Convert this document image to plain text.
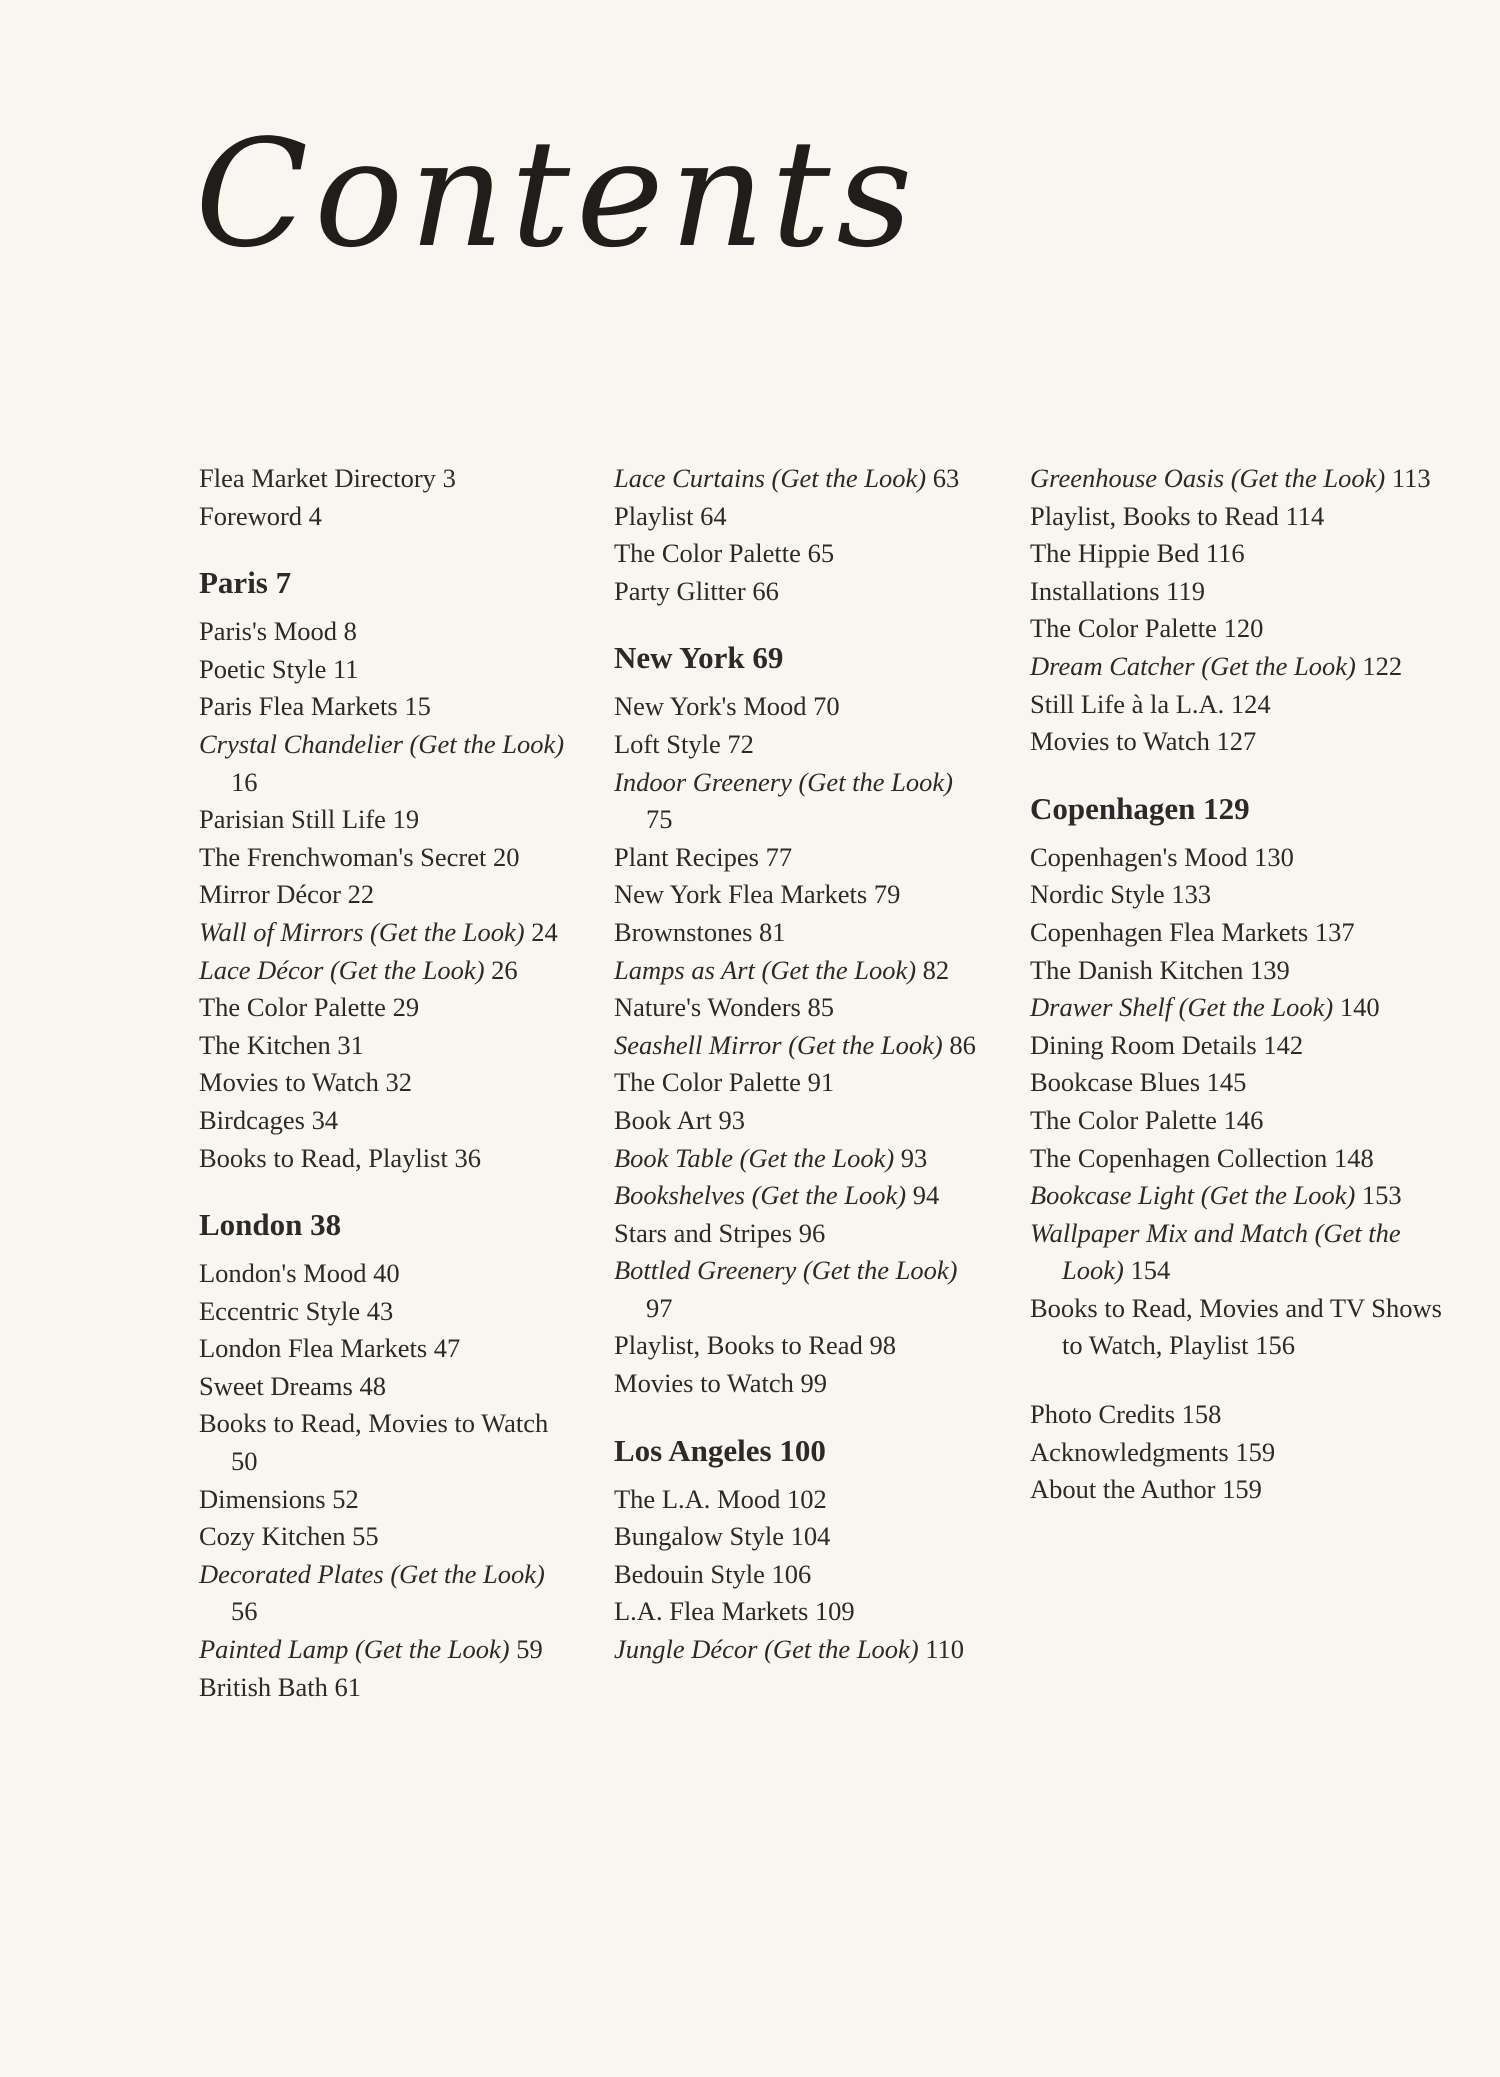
Contents
Flea Market Directory 3
Foreword 4
Paris 7
Paris's Mood 8
Poetic Style 11
Paris Flea Markets 15
Crystal Chandelier (Get the Look) 16
Parisian Still Life 19
The Frenchwoman's Secret 20
Mirror Décor 22
Wall of Mirrors (Get the Look) 24
Lace Décor (Get the Look) 26
The Color Palette 29
The Kitchen 31
Movies to Watch 32
Birdcages 34
Books to Read, Playlist 36
London 38
London's Mood 40
Eccentric Style 43
London Flea Markets 47
Sweet Dreams 48
Books to Read, Movies to Watch 50
Dimensions 52
Cozy Kitchen 55
Decorated Plates (Get the Look) 56
Painted Lamp (Get the Look) 59
British Bath 61
Lace Curtains (Get the Look) 63
Playlist 64
The Color Palette 65
Party Glitter 66
New York 69
New York's Mood 70
Loft Style 72
Indoor Greenery (Get the Look) 75
Plant Recipes 77
New York Flea Markets 79
Brownstones 81
Lamps as Art (Get the Look) 82
Nature's Wonders 85
Seashell Mirror (Get the Look) 86
The Color Palette 91
Book Art 93
Book Table (Get the Look) 93
Bookshelves (Get the Look) 94
Stars and Stripes 96
Bottled Greenery (Get the Look) 97
Playlist, Books to Read 98
Movies to Watch 99
Los Angeles 100
The L.A. Mood 102
Bungalow Style 104
Bedouin Style 106
L.A. Flea Markets 109
Jungle Décor (Get the Look) 110
Greenhouse Oasis (Get the Look) 113
Playlist, Books to Read 114
The Hippie Bed 116
Installations 119
The Color Palette 120
Dream Catcher (Get the Look) 122
Still Life à la L.A. 124
Movies to Watch 127
Copenhagen 129
Copenhagen's Mood 130
Nordic Style 133
Copenhagen Flea Markets 137
The Danish Kitchen 139
Drawer Shelf (Get the Look) 140
Dining Room Details 142
Bookcase Blues 145
The Color Palette 146
The Copenhagen Collection 148
Bookcase Light (Get the Look) 153
Wallpaper Mix and Match (Get the Look) 154
Books to Read, Movies and TV Shows to Watch, Playlist 156
Photo Credits 158
Acknowledgments 159
About the Author 159
